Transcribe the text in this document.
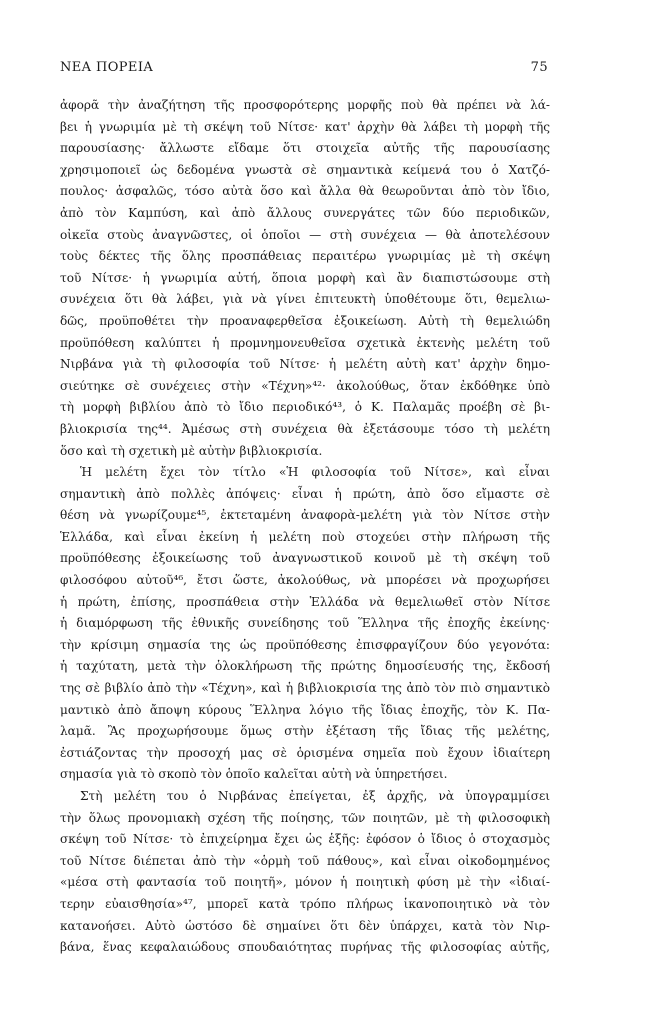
ΝΕΑ ΠΟΡΕΙΑ	75
ἀφορᾶ τὴν ἀναζήτηση τῆς προσφορότερης μορφῆς ποὺ θὰ πρέπει νὰ λά-
βει ἡ γνωριμία μὲ τὴ σκέψη τοῦ Νίτσε· κατ' ἀρχὴν θὰ λάβει τὴ μορφὴ τῆς
παρουσίασης· ἄλλωστε εἴδαμε ὅτι στοιχεῖα αὐτῆς τῆς παρουσίασης
χρησιμοποιεῖ ὡς δεδομένα γνωστὰ σὲ σημαντικὰ κείμενά του ὁ Χατζό-
πουλος· ἀσφαλῶς, τόσο αὐτὰ ὅσο καὶ ἄλλα θὰ θεωροῦνται ἀπὸ τὸν ἴδιο,
ἀπὸ τὸν Καμπύση, καὶ ἀπὸ ἄλλους συνεργάτες τῶν δύο περιοδικῶν,
οἰκεῖα στοὺς ἀναγνῶστες, οἱ ὁποῖοι — στὴ συνέχεια — θὰ ἀποτελέσουν
τοὺς δέκτες τῆς ὅλης προσπάθειας περαιτέρω γνωριμίας μὲ τὴ σκέψη
τοῦ Νίτσε· ἡ γνωριμία αὐτή, ὅποια μορφὴ καὶ ἂν διαπιστώσουμε στὴ
συνέχεια ὅτι θὰ λάβει, γιὰ νὰ γίνει ἐπιτευκτὴ ὑποθέτουμε ὅτι, θεμελιω-
δῶς, προϋποθέτει τὴν προαναφερθεῖσα ἐξοικείωση. Αὐτὴ τὴ θεμελιώδη
προϋπόθεση καλύπτει ἡ προμνημονευθεῖσα σχετικὰ ἐκτενὴς μελέτη τοῦ
Νιρβάνα γιὰ τὴ φιλοσοφία τοῦ Νίτσε· ἡ μελέτη αὐτὴ κατ' ἀρχὴν δημο-
σιεύτηκε σὲ συνέχειες στὴν «Τέχνη»⁴²· ἀκολούθως, ὅταν ἐκδόθηκε ὑπὸ
τὴ μορφὴ βιβλίου ἀπὸ τὸ ἴδιο περιοδικό⁴³, ὁ Κ. Παλαμᾶς προέβη σὲ βι-
βλιοκρισία της⁴⁴. Ἀμέσως στὴ συνέχεια θὰ ἐξετάσουμε τόσο τὴ μελέτη
ὅσο καὶ τὴ σχετικὴ μὲ αὐτὴν βιβλιοκρισία.
Ἡ μελέτη ἔχει τὸν τίτλο «Ἡ φιλοσοφία τοῦ Νίτσε», καὶ εἶναι
σημαντικὴ ἀπὸ πολλὲς ἀπόψεις· εἶναι ἡ πρώτη, ἀπὸ ὅσο εἴμαστε σὲ
θέση νὰ γνωρίζουμε⁴⁵, ἐκτεταμένη ἀναφορὰ-μελέτη γιὰ τὸν Νίτσε στὴν
Ἑλλάδα, καὶ εἶναι ἐκείνη ἡ μελέτη ποὺ στοχεύει στὴν πλήρωση τῆς
προϋπόθεσης ἐξοικείωσης τοῦ ἀναγνωστικοῦ κοινοῦ μὲ τὴ σκέψη τοῦ
φιλοσόφου αὐτοῦ⁴⁶, ἔτσι ὥστε, ἀκολούθως, νὰ μπορέσει νὰ προχωρήσει
ἡ πρώτη, ἐπίσης, προσπάθεια στὴν Ἑλλάδα νὰ θεμελιωθεῖ στὸν Νίτσε
ἡ διαμόρφωση τῆς ἐθνικῆς συνείδησης τοῦ Ἕλληνα τῆς ἐποχῆς ἐκείνης·
τὴν κρίσιμη σημασία της ὡς προϋπόθεσης ἐπισφραγίζουν δύο γεγονότα:
ἡ ταχύτατη, μετὰ τὴν ὁλοκλήρωση τῆς πρώτης δημοσίευσής της, ἔκδοσή
της σὲ βιβλίο ἀπὸ τὴν «Τέχνη», καὶ ἡ βιβλιοκρισία της ἀπὸ τὸν πιὸ σημαντικὸ
μαντικὸ ἀπὸ ἄποψη κύρους Ἕλληνα λόγιο τῆς ἴδιας ἐποχῆς, τὸν Κ. Πα-
λαμᾶ. Ἂς προχωρήσουμε ὅμως στὴν ἐξέταση τῆς ἴδιας τῆς μελέτης,
ἐστιάζοντας τὴν προσοχή μας σὲ ὁρισμένα σημεῖα ποὺ ἔχουν ἰδιαίτερη
σημασία γιὰ τὸ σκοπὸ τὸν ὁποῖο καλεῖται αὐτὴ νὰ ὑπηρετήσει.
Στὴ μελέτη του ὁ Νιρβάνας ἐπείγεται, ἐξ ἀρχῆς, νὰ ὑπογραμμίσει
τὴν ὅλως προνομιακὴ σχέση τῆς ποίησης, τῶν ποιητῶν, μὲ τὴ φιλοσοφικὴ
σκέψη τοῦ Νίτσε· τὸ ἐπιχείρημα ἔχει ὡς ἑξῆς: ἐφόσον ὁ ἴδιος ὁ στοχασμὸς
τοῦ Νίτσε διέπεται ἀπὸ τὴν «ὁρμὴ τοῦ πάθους», καὶ εἶναι οἰκοδομημένος
«μέσα στὴ φαντασία τοῦ ποιητῆ», μόνον ἡ ποιητικὴ φύση μὲ τὴν «ἰδιαί-
τερην εὐαισθησία»⁴⁷, μπορεῖ κατὰ τρόπο πλήρως ἱκανοποιητικὸ νὰ τὸν
κατανοήσει. Αὐτὸ ὡστόσο δὲ σημαίνει ὅτι δὲν ὑπάρχει, κατὰ τὸν Νιρ-
βάνα, ἕνας κεφαλαιώδους σπουδαιότητας πυρήνας τῆς φιλοσοφίας αὐτῆς,
